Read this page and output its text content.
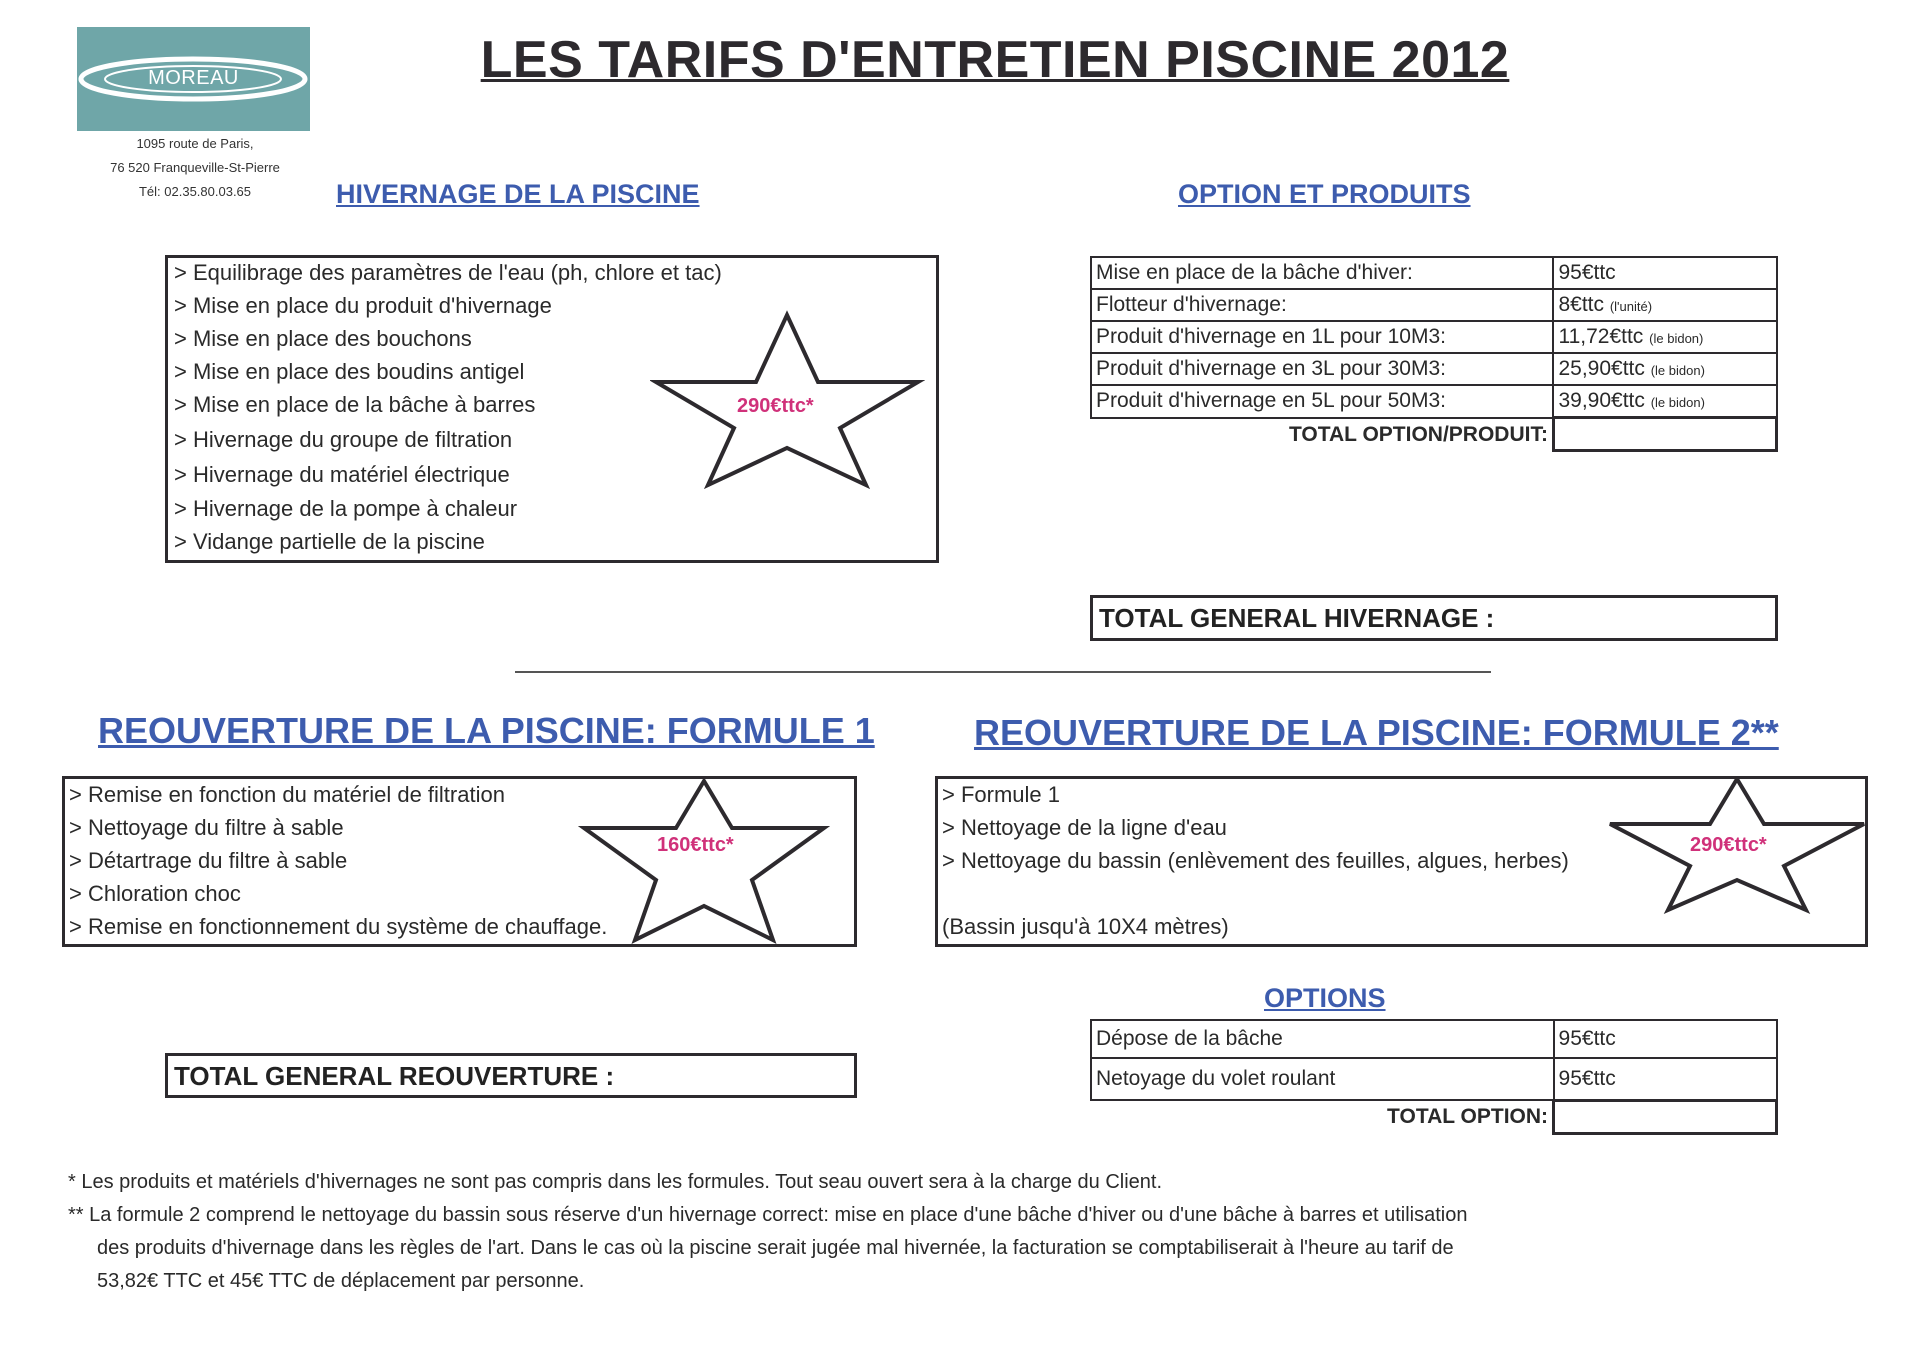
MOREAU
1095 route de Paris,
76 520 Franqueville-St-Pierre
Tél: 02.35.80.03.65
LES TARIFS D'ENTRETIEN PISCINE 2012
HIVERNAGE DE LA PISCINE
> Equilibrage des paramètres de l'eau (ph, chlore et tac)
> Mise en place du produit d'hivernage
> Mise en place des bouchons
> Mise en place des boudins antigel
> Mise en place de la bâche à barres
> Hivernage du groupe de filtration
> Hivernage du matériel électrique
> Hivernage de la pompe à chaleur
> Vidange partielle de la piscine
290€ttc*
OPTION ET PRODUITS
Mise en place de la bâche d'hiver:	95€ttc
Flotteur d'hivernage:	8€ttc (l'unité)
Produit d'hivernage en 1L pour 10M3:	11,72€ttc (le bidon)
Produit d'hivernage en 3L pour 30M3:	25,90€ttc (le bidon)
Produit d'hivernage en 5L pour 50M3:	39,90€ttc (le bidon)
TOTAL OPTION/PRODUIT:	
TOTAL GENERAL HIVERNAGE :
REOUVERTURE DE LA PISCINE: FORMULE 1
> Remise en fonction du matériel de filtration
> Nettoyage du filtre à sable
> Détartrage du filtre à sable
> Chloration choc
> Remise en fonctionnement du système de chauffage.
160€ttc*
REOUVERTURE DE LA PISCINE: FORMULE 2**
> Formule 1
> Nettoyage de la ligne d'eau
> Nettoyage du bassin (enlèvement des feuilles, algues, herbes)
(Bassin jusqu'à 10X4 mètres)
290€ttc*
OPTIONS
Dépose de la bâche	95€ttc
Netoyage du volet roulant	95€ttc
TOTAL OPTION:	
TOTAL GENERAL REOUVERTURE :
* Les produits et matériels d'hivernages ne sont pas compris dans les formules. Tout seau ouvert sera à la charge du Client.
** La formule 2 comprend le nettoyage du bassin sous réserve d'un hivernage correct: mise en place d'une bâche d'hiver ou d'une bâche à barres et utilisation
des produits d'hivernage dans les règles de l'art. Dans le cas où la piscine serait jugée mal hivernée, la facturation se comptabiliserait à l'heure au tarif de
53,82€ TTC et 45€ TTC de déplacement par personne.
